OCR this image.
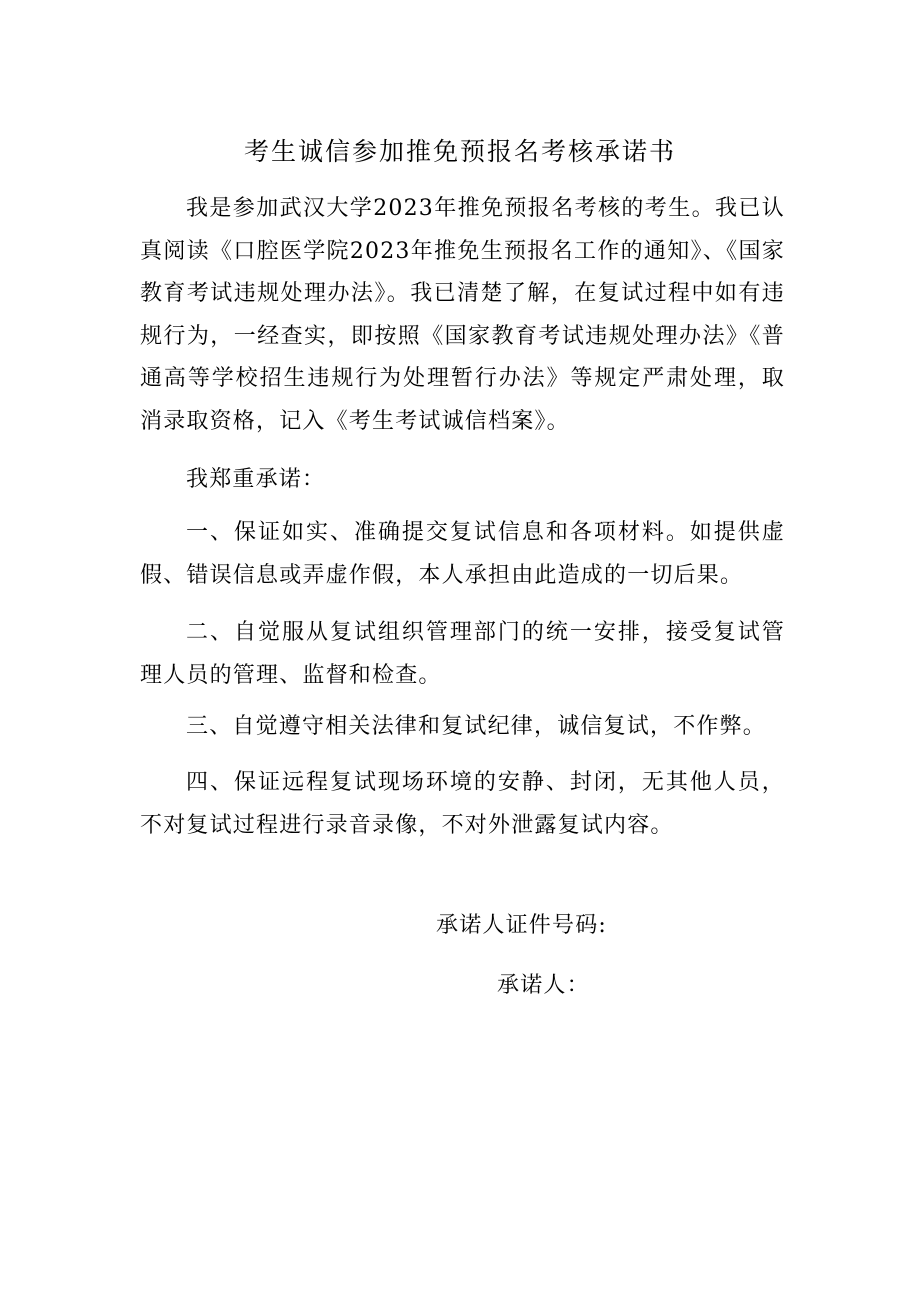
考生诚信参加推免预报名考核承诺书

我是参加武汉大学2023年推免预报名考核的考生。我已认真阅读《口腔医学院2023年推免生预报名工作的通知》、《国家教育考试违规处理办法》。我已清楚了解，在复试过程中如有违规行为，一经查实，即按照《国家教育考试违规处理办法》《普通高等学校招生违规行为处理暂行办法》等规定严肃处理，取消录取资格，记入《考生考试诚信档案》。

我郑重承诺：

一、保证如实、准确提交复试信息和各项材料。如提供虚假、错误信息或弄虚作假，本人承担由此造成的一切后果。

二、自觉服从复试组织管理部门的统一安排，接受复试管理人员的管理、监督和检查。

三、自觉遵守相关法律和复试纪律，诚信复试，不作弊。

四、保证远程复试现场环境的安静、封闭，无其他人员，不对复试过程进行录音录像，不对外泄露复试内容。

承诺人证件号码:

承诺人：
